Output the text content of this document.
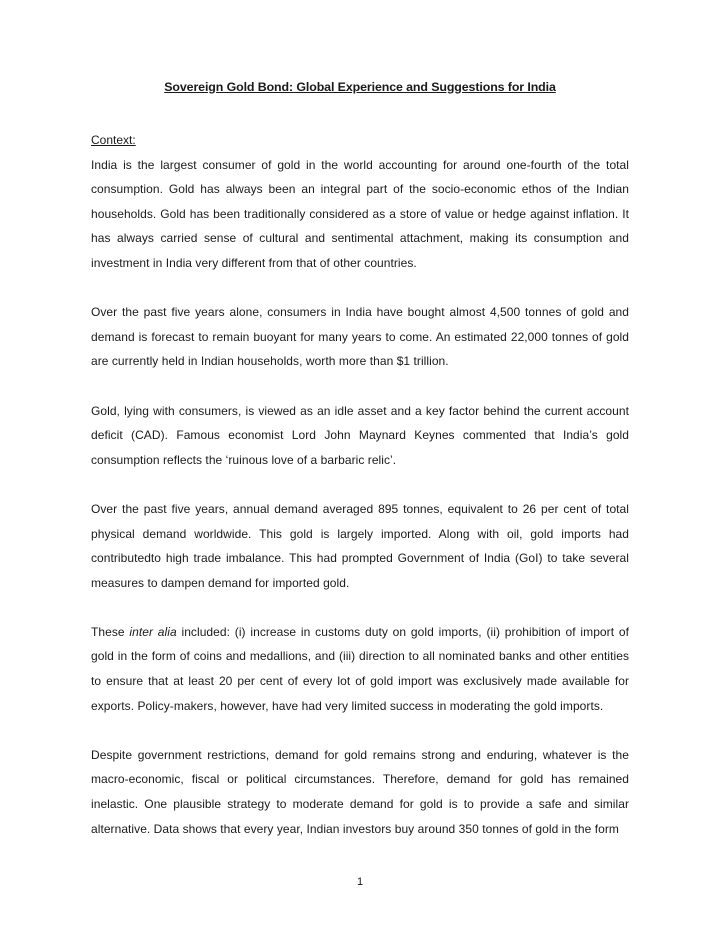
Sovereign Gold Bond: Global Experience and Suggestions for India

Context:

India is the largest consumer of gold in the world accounting for around one-fourth of the total consumption. Gold has always been an integral part of the socio-economic ethos of the Indian households. Gold has been traditionally considered as a store of value or hedge against inflation. It has always carried sense of cultural and sentimental attachment, making its consumption and investment in India very different from that of other countries.

Over the past five years alone, consumers in India have bought almost 4,500 tonnes of gold and demand is forecast to remain buoyant for many years to come. An estimated 22,000 tonnes of gold are currently held in Indian households, worth more than $1 trillion.

Gold, lying with consumers, is viewed as an idle asset and a key factor behind the current account deficit (CAD). Famous economist Lord John Maynard Keynes commented that India’s gold consumption reflects the ‘ruinous love of a barbaric relic’.

Over the past five years, annual demand averaged 895 tonnes, equivalent to 26 per cent of total physical demand worldwide. This gold is largely imported. Along with oil, gold imports had contributedto high trade imbalance. This had prompted Government of India (GoI) to take several measures to dampen demand for imported gold.

These inter alia included: (i) increase in customs duty on gold imports, (ii) prohibition of import of gold in the form of coins and medallions, and (iii) direction to all nominated banks and other entities to ensure that at least 20 per cent of every lot of gold import was exclusively made available for exports. Policy-makers, however, have had very limited success in moderating the gold imports.

Despite government restrictions, demand for gold remains strong and enduring, whatever is the macro-economic, fiscal or political circumstances. Therefore, demand for gold has remained inelastic. One plausible strategy to moderate demand for gold is to provide a safe and similar alternative. Data shows that every year, Indian investors buy around 350 tonnes of gold in the form

1
